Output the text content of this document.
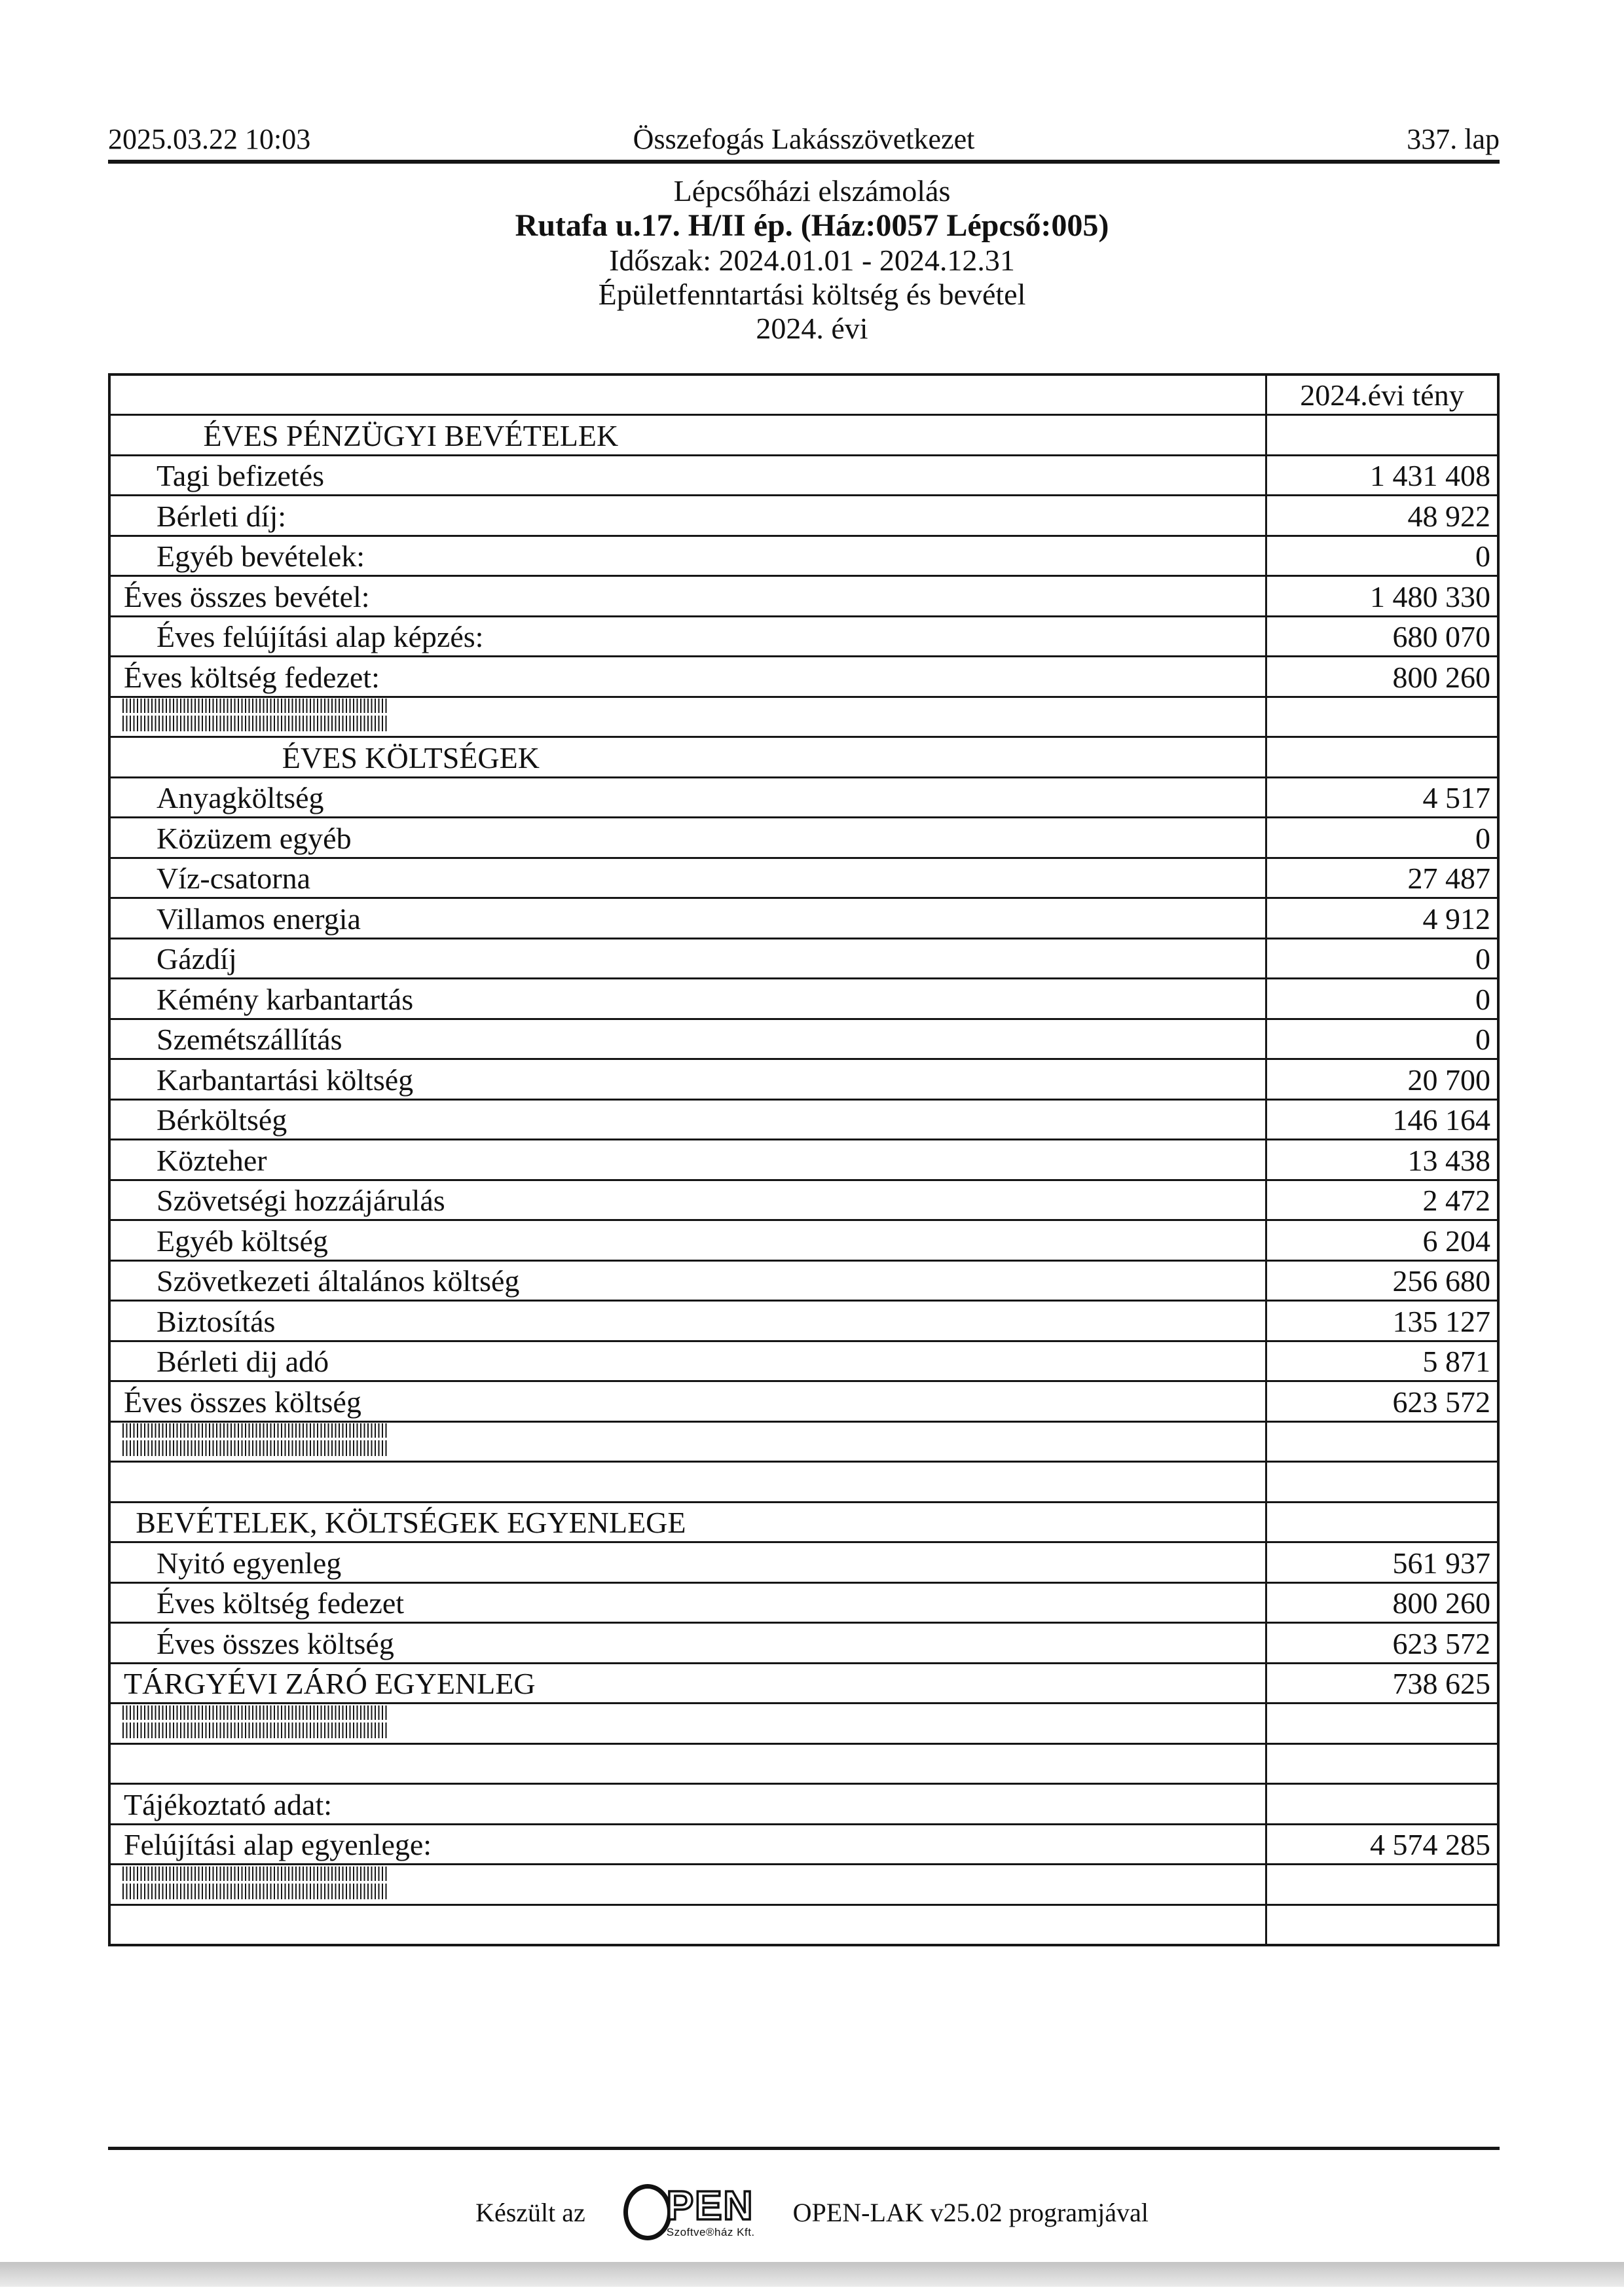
2025.03.22 10:03	Összefogás Lakásszövetkezet	337. lap
Lépcsőházi elszámolás
Rutafa u.17. H/II ép. (Ház:0057 Lépcső:005)
Időszak: 2024.01.01 - 2024.12.31
Épületfenntartási költség és bevétel
2024. évi
2024.évi tény
ÉVES PÉNZÜGYI BEVÉTELEK
Tagi befizetés	1 431 408
Bérleti díj:	48 922
Egyéb bevételek:	0
Éves összes bevétel:	1 480 330
Éves felújítási alap képzés:	680 070
Éves költség fedezet:	800 260
ÉVES KÖLTSÉGEK
Anyagköltség	4 517
Közüzem egyéb	0
Víz-csatorna	27 487
Villamos energia	4 912
Gázdíj	0
Kémény karbantartás	0
Szemétszállítás	0
Karbantartási költség	20 700
Bérköltség	146 164
Közteher	13 438
Szövetségi hozzájárulás	2 472
Egyéb költség	6 204
Szövetkezeti általános költség	256 680
Biztosítás	135 127
Bérleti dij adó	5 871
Éves összes költség	623 572
BEVÉTELEK, KÖLTSÉGEK EGYENLEGE
Nyitó egyenleg	561 937
Éves költség fedezet	800 260
Éves összes költség	623 572
TÁRGYÉVI ZÁRÓ EGYENLEG	738 625
Tájékoztató adat:
Felújítási alap egyenlege:	4 574 285
Készült az PEN
Szoftve®ház Kft.
OPEN-LAK v25.02 programjával
